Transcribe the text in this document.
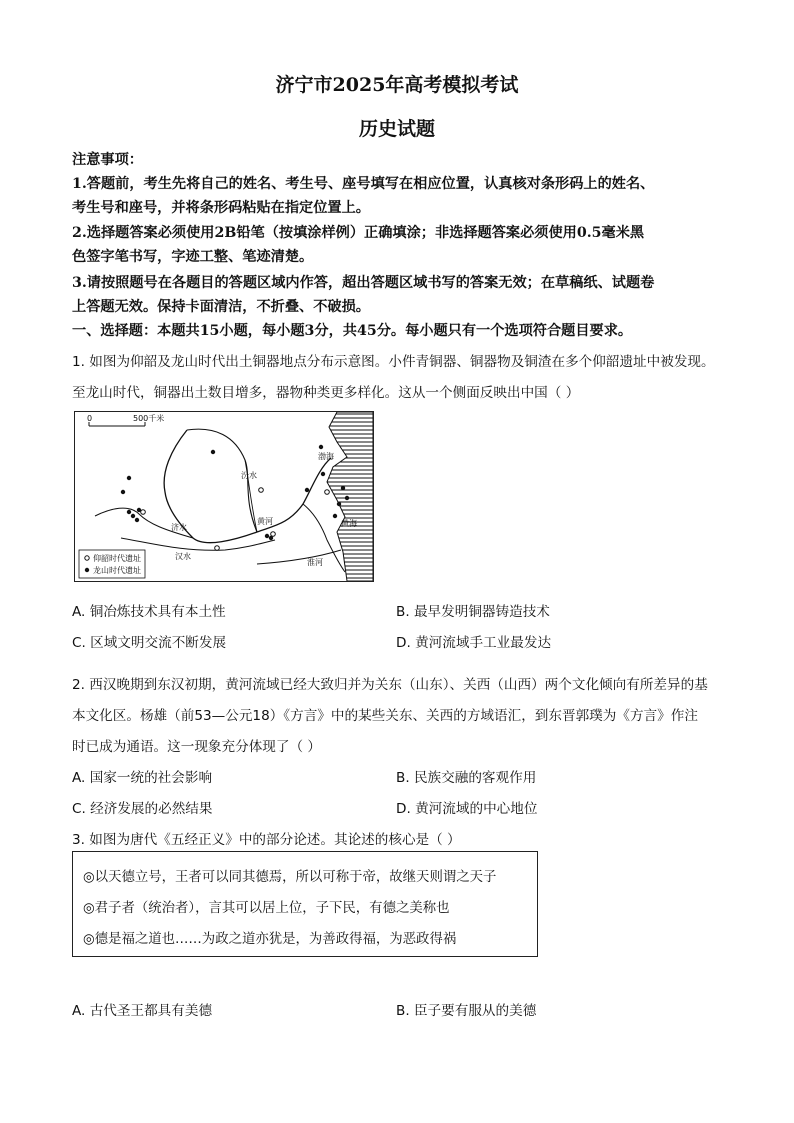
济宁市2025年高考模拟考试
历史试题
注意事项：
1.答题前，考生先将自己的姓名、考生号、座号填写在相应位置，认真核对条形码上的姓名、
考生号和座号，并将条形码粘贴在指定位置上。
2.选择题答案必须使用2B铅笔（按填涂样例）正确填涂；非选择题答案必须使用0.5毫米黑
色签字笔书写，字迹工整、笔迹清楚。
3.请按照题号在各题目的答题区域内作答，超出答题区域书写的答案无效；在草稿纸、试题卷
上答题无效。保持卡面清洁，不折叠、不破损。
一、选择题：本题共15小题，每小题3分，共45分。每小题只有一个选项符合题目要求。
1. 如图为仰韶及龙山时代出土铜器地点分布示意图。小件青铜器、铜器物及铜渣在多个仰韶遗址中被发现。
至龙山时代，铜器出土数目增多，器物种类更多样化。这从一个侧面反映出中国（ ）
0	500千米
渤海
黄海
黄河
济水
汾水
汉水
淮河
仰韶时代遗址
龙山时代遗址
A. 铜冶炼技术具有本土性	B. 最早发明铜器铸造技术
C. 区域文明交流不断发展	D. 黄河流域手工业最发达
2. 西汉晚期到东汉初期，黄河流域已经大致归并为关东（山东）、关西（山西）两个文化倾向有所差异的基
本文化区。杨雄（前53—公元18）《方言》中的某些关东、关西的方域语汇，到东晋郭璞为《方言》作注
时已成为通语。这一现象充分体现了（ ）
A. 国家一统的社会影响	B. 民族交融的客观作用
C. 经济发展的必然结果	D. 黄河流域的中心地位
3. 如图为唐代《五经正义》中的部分论述。其论述的核心是（ ）
◎以天德立号，王者可以同其德焉，所以可称于帝，故继天则谓之天子
◎君子者（统治者），言其可以居上位，子下民，有德之美称也
◎德是福之道也……为政之道亦犹是，为善政得福，为恶政得祸
A. 古代圣王都具有美德	B. 臣子要有服从的美德
